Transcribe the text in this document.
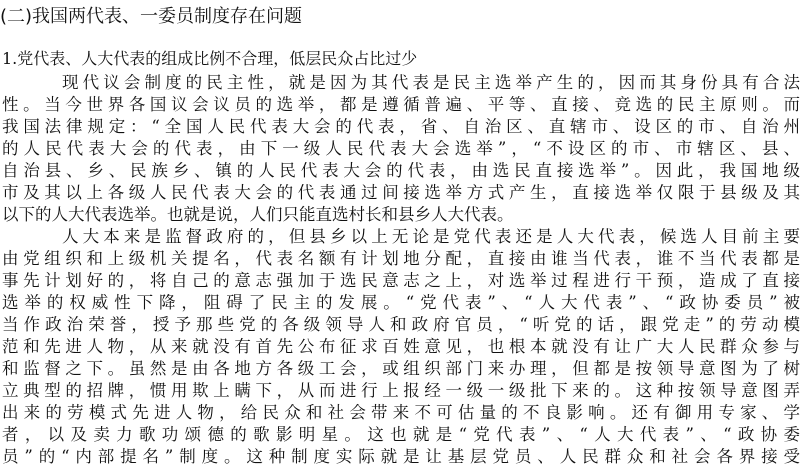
(二)我国两代表、一委员制度存在问题
1.党代表、人大代表的组成比例不合理，低层民众占比过少
现代议会制度的民主性，就是因为其代表是民主选举产生的，因而其身份具有合法
性。当今世界各国议会议员的选举，都是遵循普遍、平等、直接、竞选的民主原则。而
我国法律规定：“全国人民代表大会的代表，省、自治区、直辖市、设区的市、自治州
的人民代表大会的代表，由下一级人民代表大会选举”，“不设区的市、市辖区、县、
自治县、乡、民族乡、镇的人民代表大会的代表，由选民直接选举”。因此，我国地级
市及其以上各级人民代表大会的代表通过间接选举方式产生，直接选举仅限于县级及其
以下的人大代表选举。也就是说，人们只能直选村长和县乡人大代表。
人大本来是监督政府的，但县乡以上无论是党代表还是人大代表，候选人目前主要
由党组织和上级机关提名，代表名额有计划地分配，直接由谁当代表，谁不当代表都是
事先计划好的，将自己的意志强加于选民意志之上，对选举过程进行干预，造成了直接
选举的权威性下降，阻碍了民主的发展。“党代表”、“人大代表”、“政协委员”被
当作政治荣誉，授予那些党的各级领导人和政府官员，“听党的话，跟党走”的劳动模
范和先进人物，从来就没有首先公布征求百姓意见，也根本就没有让广大人民群众参与
和监督之下。虽然是由各地方各级工会，或组织部门来办理，但都是按领导意图为了树
立典型的招牌，惯用欺上瞒下，从而进行上报经一级一级批下来的。这种按领导意图弄
出来的劳模式先进人物，给民众和社会带来不可估量的不良影响。还有御用专家、学
者，以及卖力歌功颂德的歌影明星。这也就是“党代表”、“人大代表”、“政协委
员”的“内部提名”制度。这种制度实际就是让基层党员、人民群众和社会各界接受
